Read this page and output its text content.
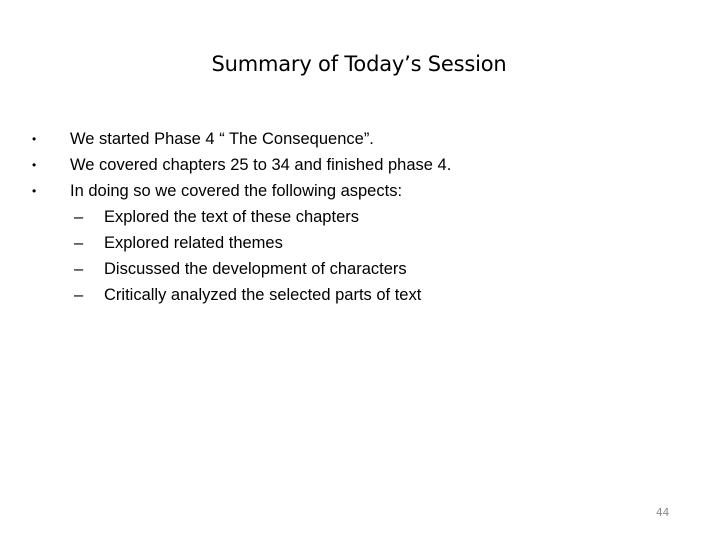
Summary of Today’s Session
• We started Phase 4 “ The Consequence”.
• We covered chapters 25 to 34 and finished phase 4.
• In doing so we covered the following aspects:
– Explored the text of these chapters
– Explored related themes
– Discussed the development of characters
– Critically analyzed the selected parts of text
44
